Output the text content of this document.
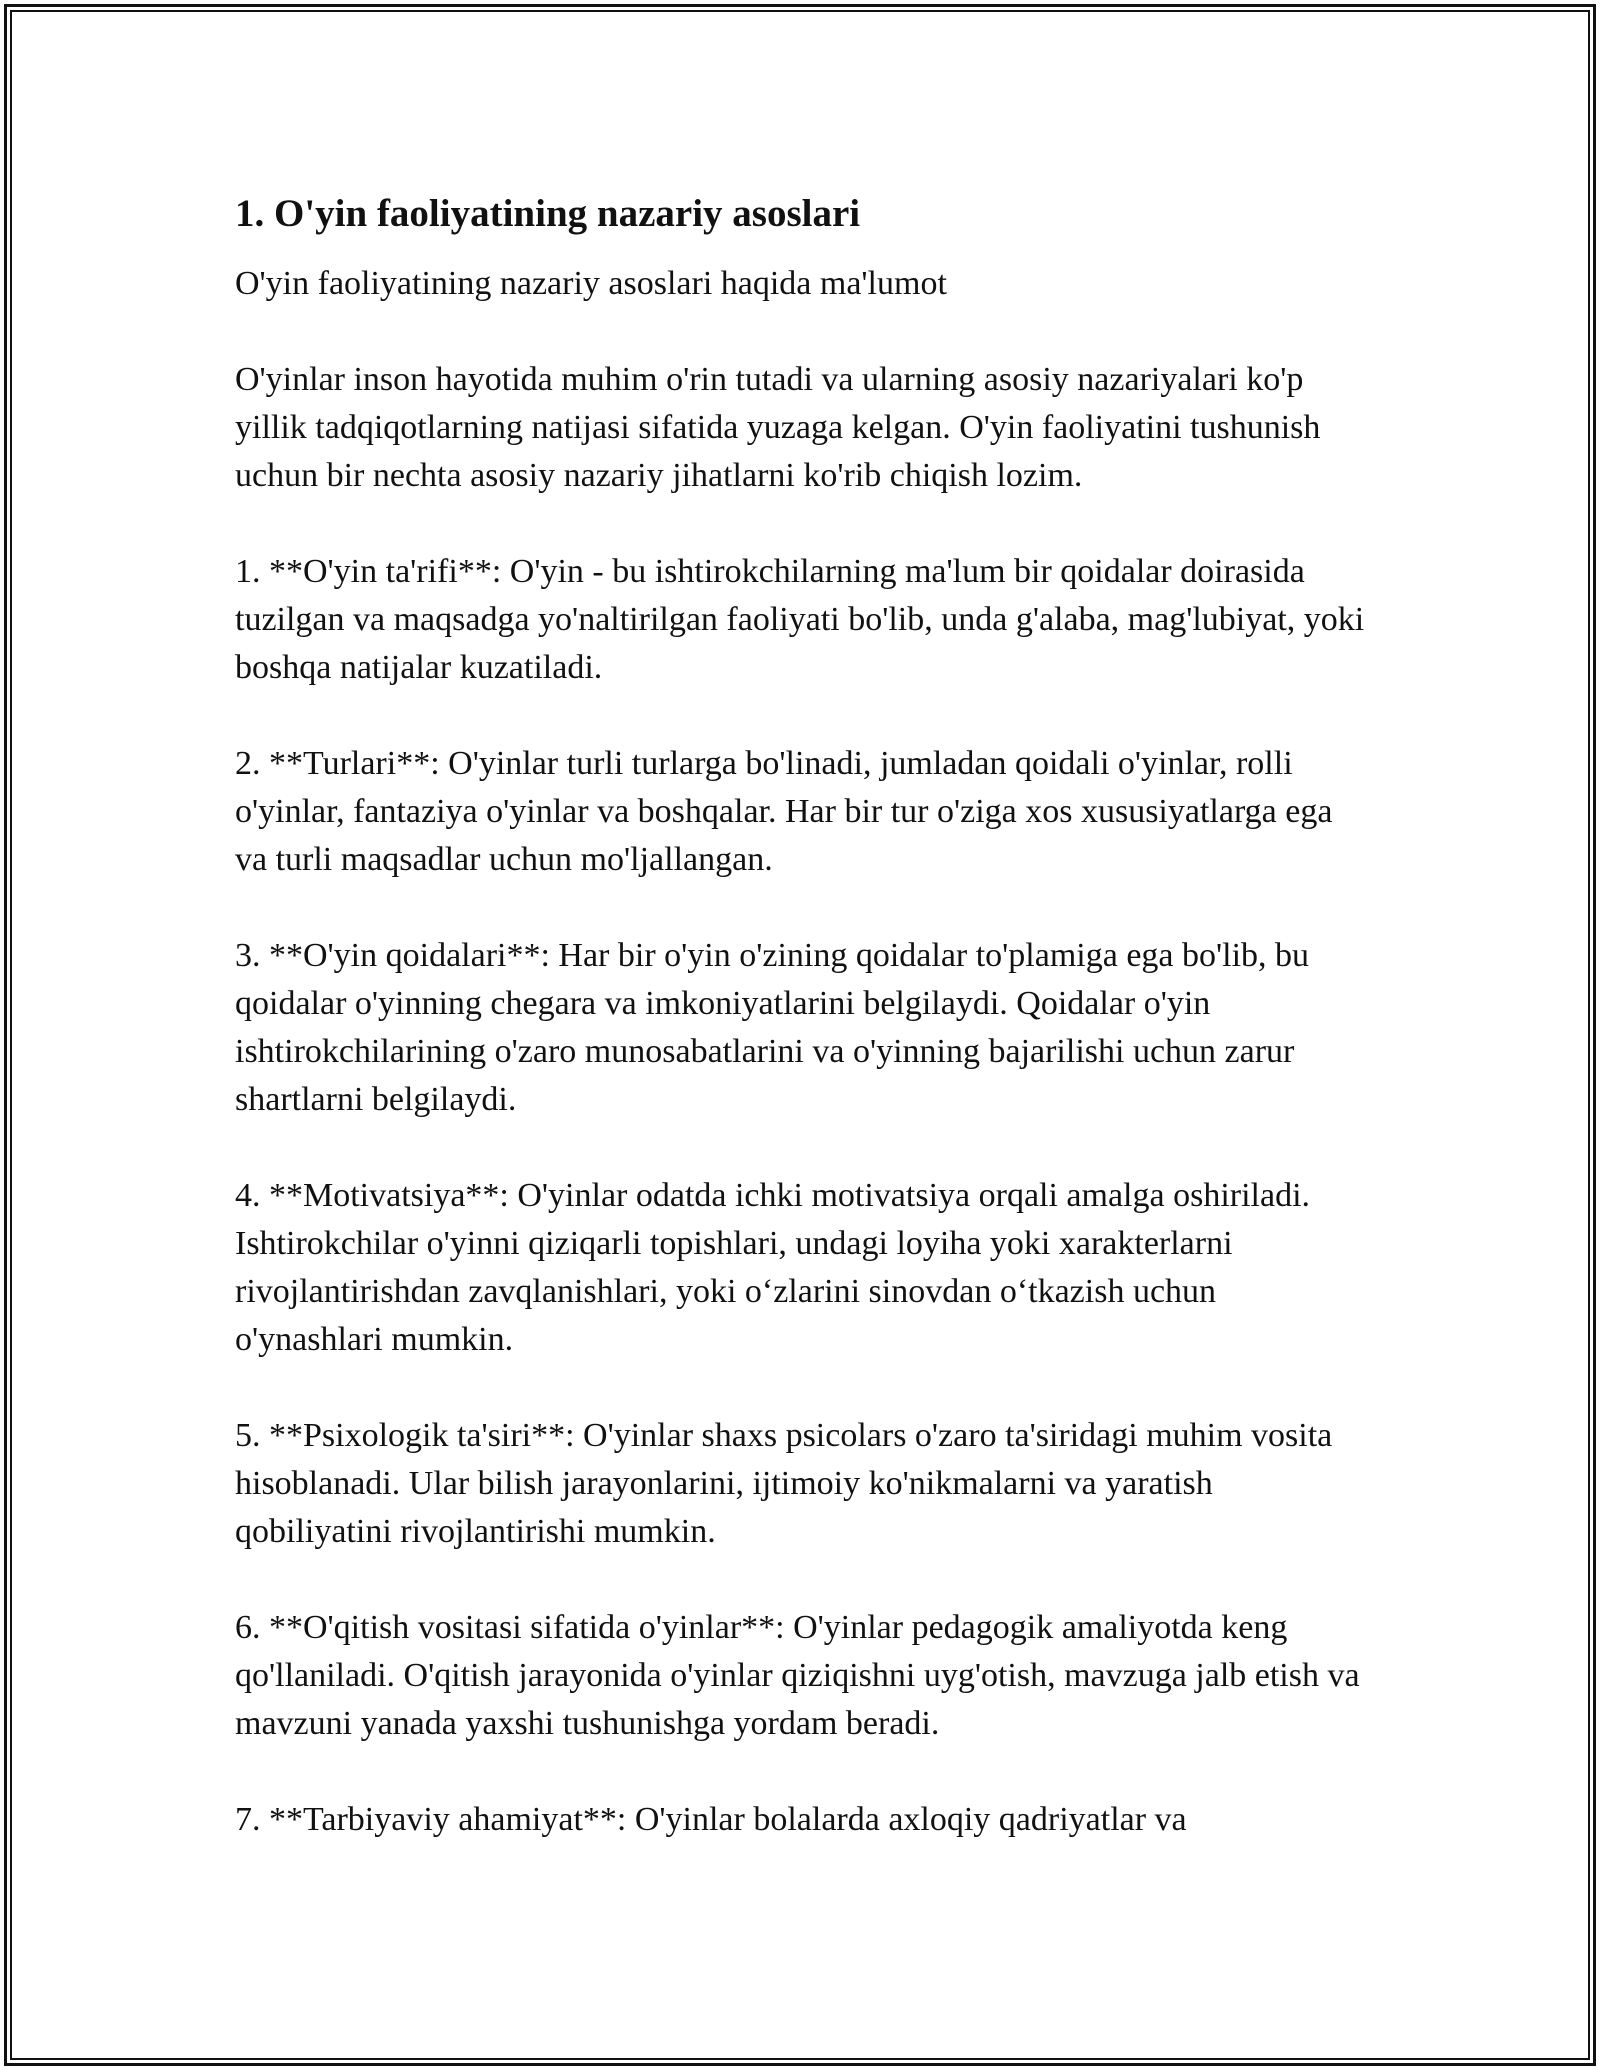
1. O'yin faoliyatining nazariy asoslari

O'yin faoliyatining nazariy asoslari haqida ma'lumot

O'yinlar inson hayotida muhim o'rin tutadi va ularning asosiy nazariyalari ko'p yillik tadqiqotlarning natijasi sifatida yuzaga kelgan. O'yin faoliyatini tushunish uchun bir nechta asosiy nazariy jihatlarni ko'rib chiqish lozim.

1. **O'yin ta'rifi**: O'yin - bu ishtirokchilarning ma'lum bir qoidalar doirasida tuzilgan va maqsadga yo'naltirilgan faoliyati bo'lib, unda g'alaba, mag'lubiyat, yoki boshqa natijalar kuzatiladi.

2. **Turlari**: O'yinlar turli turlarga bo'linadi, jumladan qoidali o'yinlar, rolli o'yinlar, fantaziya o'yinlar va boshqalar. Har bir tur o'ziga xos xususiyatlarga ega va turli maqsadlar uchun mo'ljallangan.

3. **O'yin qoidalari**: Har bir o'yin o'zining qoidalar to'plamiga ega bo'lib, bu qoidalar o'yinning chegara va imkoniyatlarini belgilaydi. Qoidalar o'yin ishtirokchilarining o'zaro munosabatlarini va o'yinning bajarilishi uchun zarur shartlarni belgilaydi.

4. **Motivatsiya**: O'yinlar odatda ichki motivatsiya orqali amalga oshiriladi. Ishtirokchilar o'yinni qiziqarli topishlari, undagi loyiha yoki xarakterlarni rivojlantirishdan zavqlanishlari, yoki o‘zlarini sinovdan o‘tkazish uchun o'ynashlari mumkin.

5. **Psixologik ta'siri**: O'yinlar shaxs psicolars o'zaro ta'siridagi muhim vosita hisoblanadi. Ular bilish jarayonlarini, ijtimoiy ko'nikmalarni va yaratish qobiliyatini rivojlantirishi mumkin.

6. **O'qitish vositasi sifatida o'yinlar**: O'yinlar pedagogik amaliyotda keng qo'llaniladi. O'qitish jarayonida o'yinlar qiziqishni uyg'otish, mavzuga jalb etish va mavzuni yanada yaxshi tushunishga yordam beradi.

7. **Tarbiyaviy ahamiyat**: O'yinlar bolalarda axloqiy qadriyatlar va
